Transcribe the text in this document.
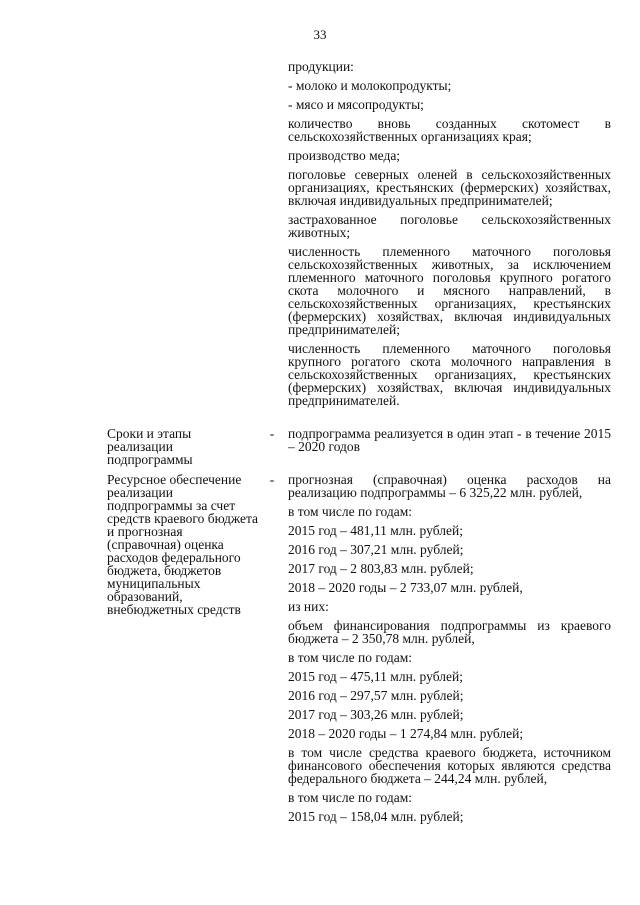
33

продукции:

- молоко и молокопродукты;

- мясо и мясопродукты;

количество вновь созданных скотомест в сельскохозяйственных организациях края;

производство меда;

поголовье северных оленей в сельскохозяйственных организациях, крестьянских (фермерских) хозяйствах, включая индивидуальных предпринимателей;

застрахованное поголовье сельскохозяйственных животных;

численность племенного маточного поголовья сельскохозяйственных животных, за исключением племенного маточного поголовья крупного рогатого скота молочного и мясного направлений, в сельскохозяйственных организациях, крестьянских (фермерских) хозяйствах, включая индивидуальных предпринимателей;

численность племенного маточного поголовья крупного рогатого скота молочного направления в сельскохозяйственных организациях, крестьянских (фермерских) хозяйствах, включая индивидуальных предпринимателей.

Сроки и этапы реализации подпрограммы
- подпрограмма реализуется в один этап - в течение 2015 – 2020 годов

Ресурсное обеспечение реализации подпрограммы за счет средств краевого бюджета и прогнозная (справочная) оценка расходов федерального бюджета, бюджетов муниципальных образований, внебюджетных средств
- прогнозная (справочная) оценка расходов на реализацию подпрограммы – 6 325,22 млн. рублей,

в том числе по годам:

2015 год – 481,11 млн. рублей;

2016 год – 307,21 млн. рублей;

2017 год – 2 803,83 млн. рублей;

2018 – 2020 годы – 2 733,07 млн. рублей,

из них:

объем финансирования подпрограммы из краевого бюджета – 2 350,78 млн. рублей,

в том числе по годам:

2015 год – 475,11 млн. рублей;

2016 год – 297,57 млн. рублей;

2017 год – 303,26 млн. рублей;

2018 – 2020 годы – 1 274,84 млн. рублей;

в том числе средства краевого бюджета, источником финансового обеспечения которых являются средства федерального бюджета – 244,24 млн. рублей,

в том числе по годам:

2015 год – 158,04 млн. рублей;
